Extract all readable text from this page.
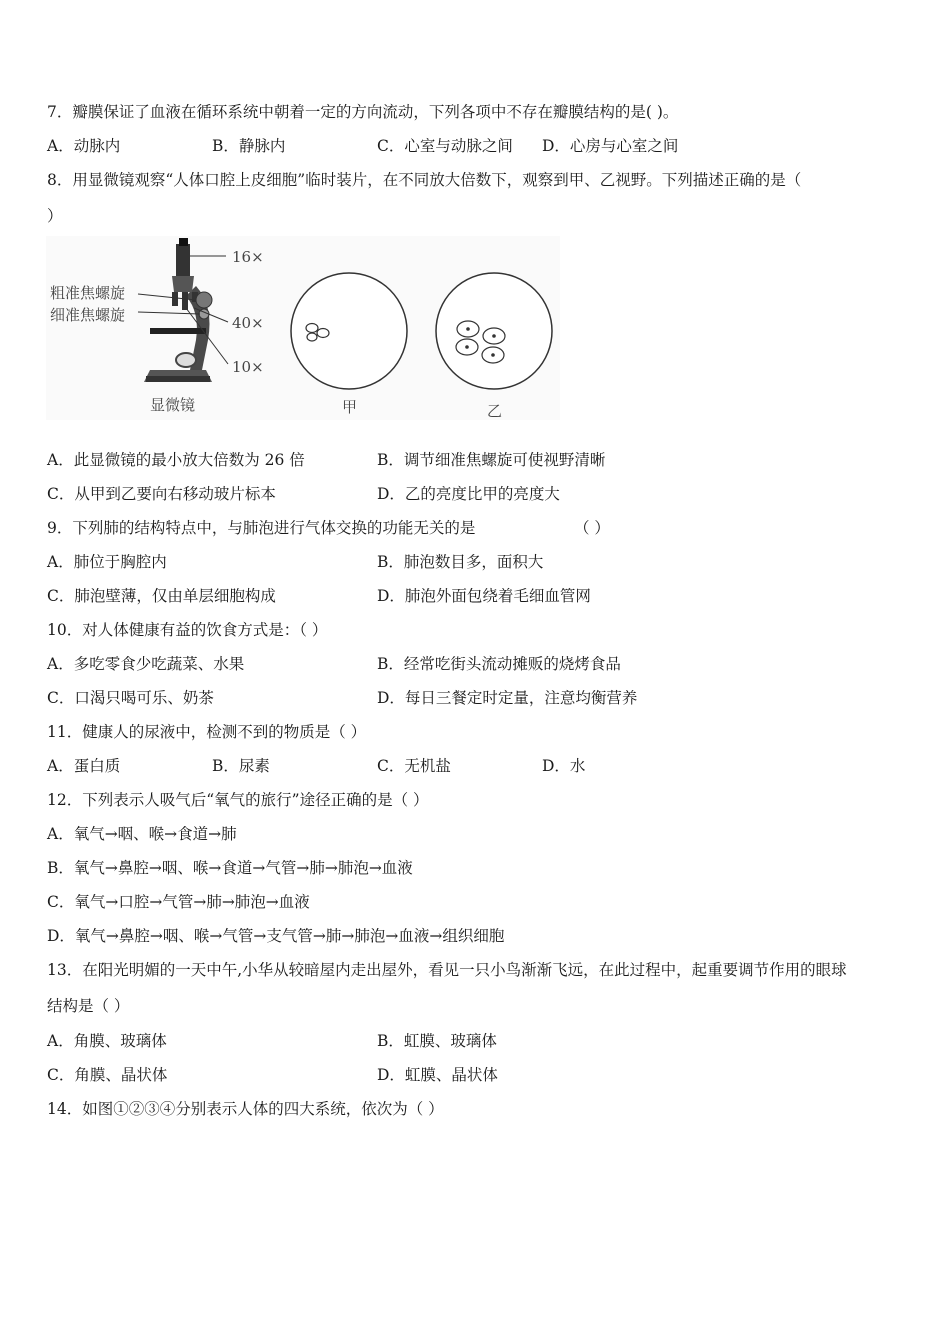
7．瓣膜保证了血液在循环系统中朝着一定的方向流动，下列各项中不存在瓣膜结构的是( )。
A．动脉内	B．静脉内	C．心室与动脉之间 D．心房与心室之间
8．用显微镜观察“人体口腔上皮细胞”临时装片，在不同放大倍数下，观察到甲、乙视野。下列描述正确的是（
）
16×
粗准焦螺旋
细准焦螺旋	40×
10×
显微镜	甲	乙
A．此显微镜的最小放大倍数为 26 倍	B．调节细准焦螺旋可使视野清晰
C．从甲到乙要向右移动玻片标本	D．乙的亮度比甲的亮度大
9．下列肺的结构特点中，与肺泡进行气体交换的功能无关的是	（ ）
A．肺位于胸腔内	B．肺泡数目多，面积大
C．肺泡壁薄，仅由单层细胞构成	D．肺泡外面包绕着毛细血管网
10．对人体健康有益的饮食方式是：（ ）
A．多吃零食少吃蔬菜、水果	B．经常吃街头流动摊贩的烧烤食品
C．口渴只喝可乐、奶茶	D．每日三餐定时定量，注意均衡营养
11．健康人的尿液中，检测不到的物质是（ ）
A．蛋白质	B．尿素	C．无机盐	D．水
12．下列表示人吸气后“氧气的旅行”途径正确的是（ ）
A．氧气→咽、喉→食道→肺
B．氧气→鼻腔→咽、喉→食道→气管→肺→肺泡→血液
C．氧气→口腔→气管→肺→肺泡→血液
D．氧气→鼻腔→咽、喉→气管→支气管→肺→肺泡→血液→组织细胞
13．在阳光明媚的一天中午,小华从较暗屋内走出屋外，看见一只小鸟渐渐飞远，在此过程中，起重要调节作用的眼球
结构是（ ）
A．角膜、玻璃体	B．虹膜、玻璃体
C．角膜、晶状体	D．虹膜、晶状体
14．如图①②③④分别表示人体的四大系统，依次为（ ）
